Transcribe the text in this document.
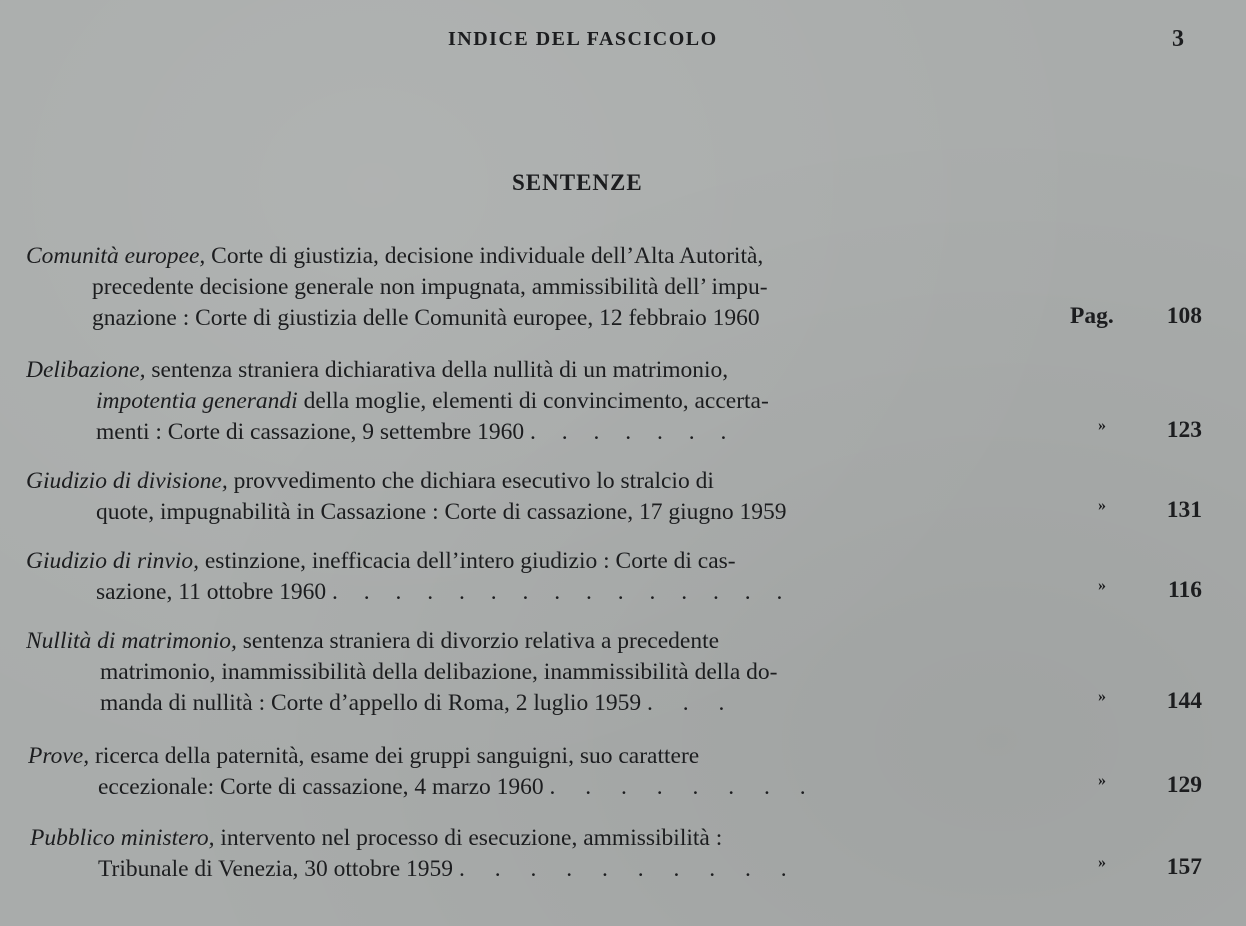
INDICE DEL FASCICOLO	3
SENTENZE
Comunità europee, Corte di giustizia, decisione individuale dell’Alta Autorità,
precedente decisione generale non impugnata, ammissibilità dell’ impu-
gnazione : Corte di giustizia delle Comunità europee, 12 febbraio 1960	Pag. 108
Delibazione, sentenza straniera dichiarativa della nullità di un matrimonio,
impotentia generandi della moglie, elementi di convincimento, accerta-
menti : Corte di cassazione, 9 settembre 1960 . . . . . . .	»	123
Giudizio di divisione, provvedimento che dichiara esecutivo lo stralcio di
quote, impugnabilità in Cassazione : Corte di cassazione, 17 giugno 1959	»	131
Giudizio di rinvio, estinzione, inefficacia dell’intero giudizio : Corte di cas-
sazione, 11 ottobre 1960 . . . . . . . . . . . . . . .	»	116
Nullità di matrimonio, sentenza straniera di divorzio relativa a precedente
matrimonio, inammissibilità della delibazione, inammissibilità della do-
manda di nullità : Corte d’appello di Roma, 2 luglio 1959 . . .	»	144
Prove, ricerca della paternità, esame dei gruppi sanguigni, suo carattere
eccezionale: Corte di cassazione, 4 marzo 1960 . . . . . . . .	»	129
Pubblico ministero, intervento nel processo di esecuzione, ammissibilità :
Tribunale di Venezia, 30 ottobre 1959 . . . . . . . . . .	»	157
